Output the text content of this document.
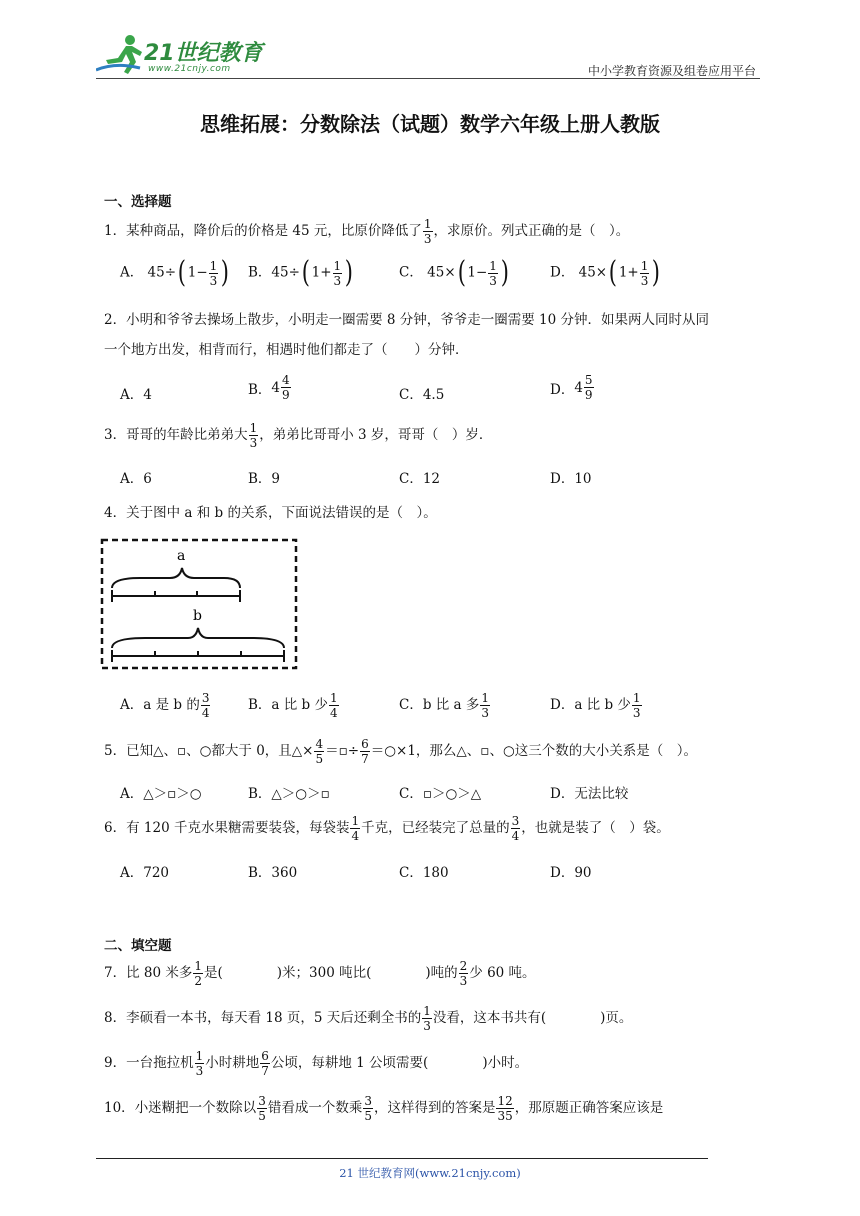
21世纪教育
www.21cnjy.com	中小学教育资源及组卷应用平台
思维拓展：分数除法（试题）数学六年级上册人教版
一、选择题
1．某种商品，降价后的价格是 45 元，比原价降低了 $\frac{1}{3}$ ，求原价。列式正确的是（　）。
A． 45÷( $1- \frac{1}{3}$ ) B．45÷( $1+ \frac{1}{3}$ )	C． 45×( $1- \frac{1}{3}$ )	D． 45×( $1+ \frac{1}{3}$ )
2．小明和爷爷去操场上散步，小明走一圈需要 8 分钟，爷爷走一圈需要 10 分钟．如果两人同时从同
一个地方出发，相背而行，相遇时他们都走了（　　）分钟．
A．4	B． 4 4
9	C．4.5	D． 4 5
9
3．哥哥的年龄比弟弟大 $\frac{1}{3}$ ，弟弟比哥哥小 3 岁，哥哥（　）岁．
A．6	B．9	C．12	D．10
4．关于图中 a 和 b 的关系，下面说法错误的是（　）。
a
b
A．a 是 b 的 $\frac{3}{4}$	B．a 比 b 少 $\frac{1}{4}$	C．b 比 a 多 $\frac{1}{3}$	D．a 比 b 少 $\frac{1}{3}$
5．已知△、▫、○都大于 0，且△× $\frac{4}{5}$ ＝▫÷ $\frac{6}{7}$ ＝○×1，那么△、▫、○这三个数的大小关系是（　）。
A．△＞▫＞○	B．△＞○＞▫	C．▫＞○＞△	D．无法比较
6．有 120 千克水果糖需要装袋，每袋装 $\frac{1}{4}$ 千克，已经装完了总量的 $\frac{3}{4}$ ，也就是装了（　）袋。
A．720	B．360	C．180	D．90
二、填空题
7．比 80 米多 $\frac{1}{2}$ 是(　　　　)米；300 吨比(　　　　)吨的 $\frac{2}{3}$ 少 60 吨。
8．李硕看一本书，每天看 18 页，5 天后还剩全书的 $\frac{1}{3}$ 没看，这本书共有(　　　　)页。
9．一台拖拉机 $\frac{1}{3}$ 小时耕地 $\frac{6}{7}$ 公顷，每耕地 1 公顷需要(　　　　)小时。
10．小迷糊把一个数除以 $\frac{3}{5}$ 错看成一个数乘 $\frac{3}{5}$ ，这样得到的答案是 $\frac{12}{35}$ ，那原题正确答案应该是
21 世纪教育网(www.21cnjy.com)
